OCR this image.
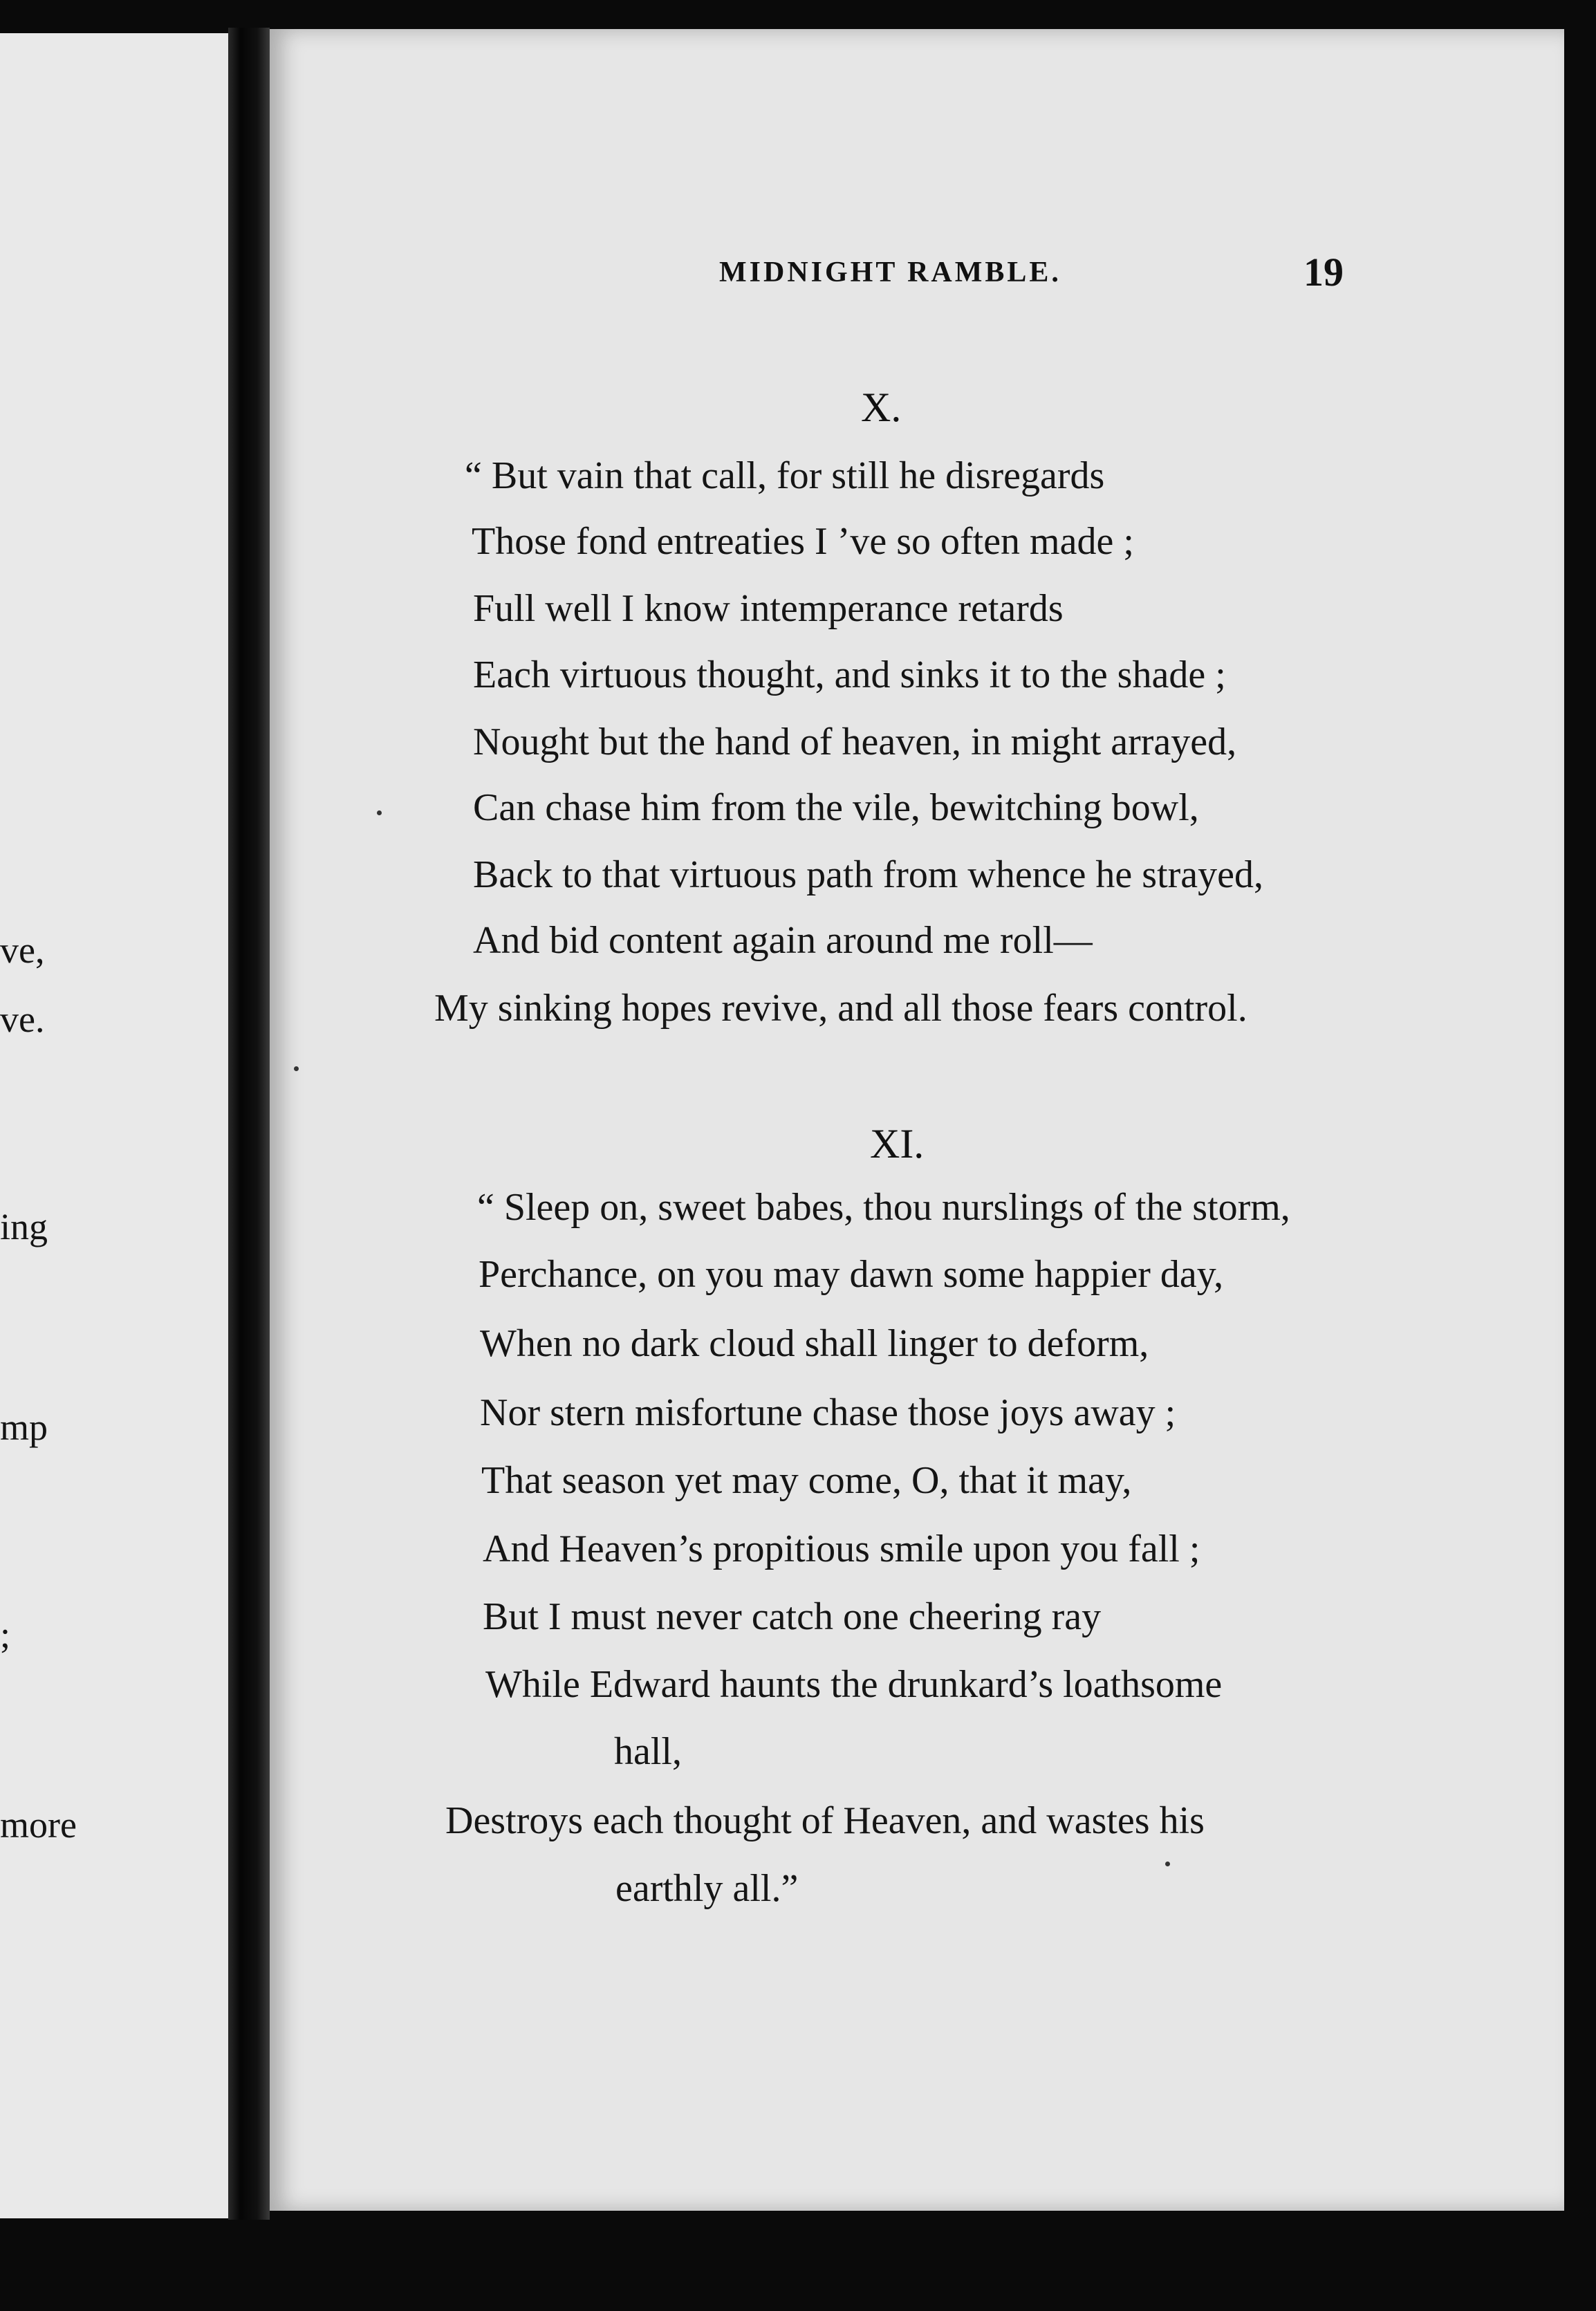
ve,
ve.
ing
mp
;
more
MIDNIGHT RAMBLE.	19
X.
“ But vain that call, for still he disregards
Those fond entreaties I ’ve so often made ;
Full well I know intemperance retards
Each virtuous thought, and sinks it to the shade ;
Nought but the hand of heaven, in might arrayed,
Can chase him from the vile, bewitching bowl,
Back to that virtuous path from whence he strayed,
And bid content again around me roll—
My sinking hopes revive, and all those fears control.
XI.
“ Sleep on, sweet babes, thou nurslings of the storm,
Perchance, on you may dawn some happier day,
When no dark cloud shall linger to deform,
Nor stern misfortune chase those joys away ;
That season yet may come, O, that it may,
And Heaven’s propitious smile upon you fall ;
But I must never catch one cheering ray
While Edward haunts the drunkard’s loathsome
hall,
Destroys each thought of Heaven, and wastes his
earthly all.”
